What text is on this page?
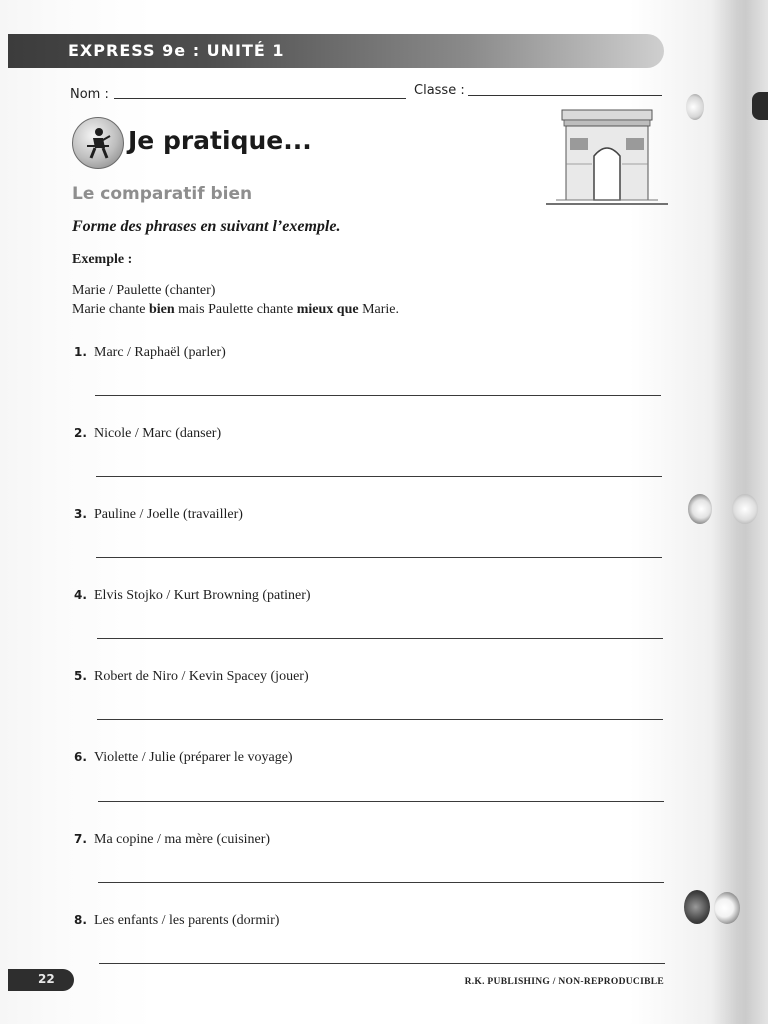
EXPRESS 9e : UNITÉ 1
Nom :	Classe :
Je pratique...
Le comparatif bien
Forme des phrases en suivant l’exemple.
Exemple :
Marie / Paulette (chanter)
Marie chante bien mais Paulette chante mieux que Marie.
1. Marc / Raphaël (parler)
2. Nicole / Marc (danser)
3. Pauline / Joelle (travailler)
4. Elvis Stojko / Kurt Browning (patiner)
5. Robert de Niro / Kevin Spacey (jouer)
6. Violette / Julie (préparer le voyage)
7. Ma copine / ma mère (cuisiner)
8. Les enfants / les parents (dormir)
22	R.K. PUBLISHING / NON-REPRODUCIBLE
